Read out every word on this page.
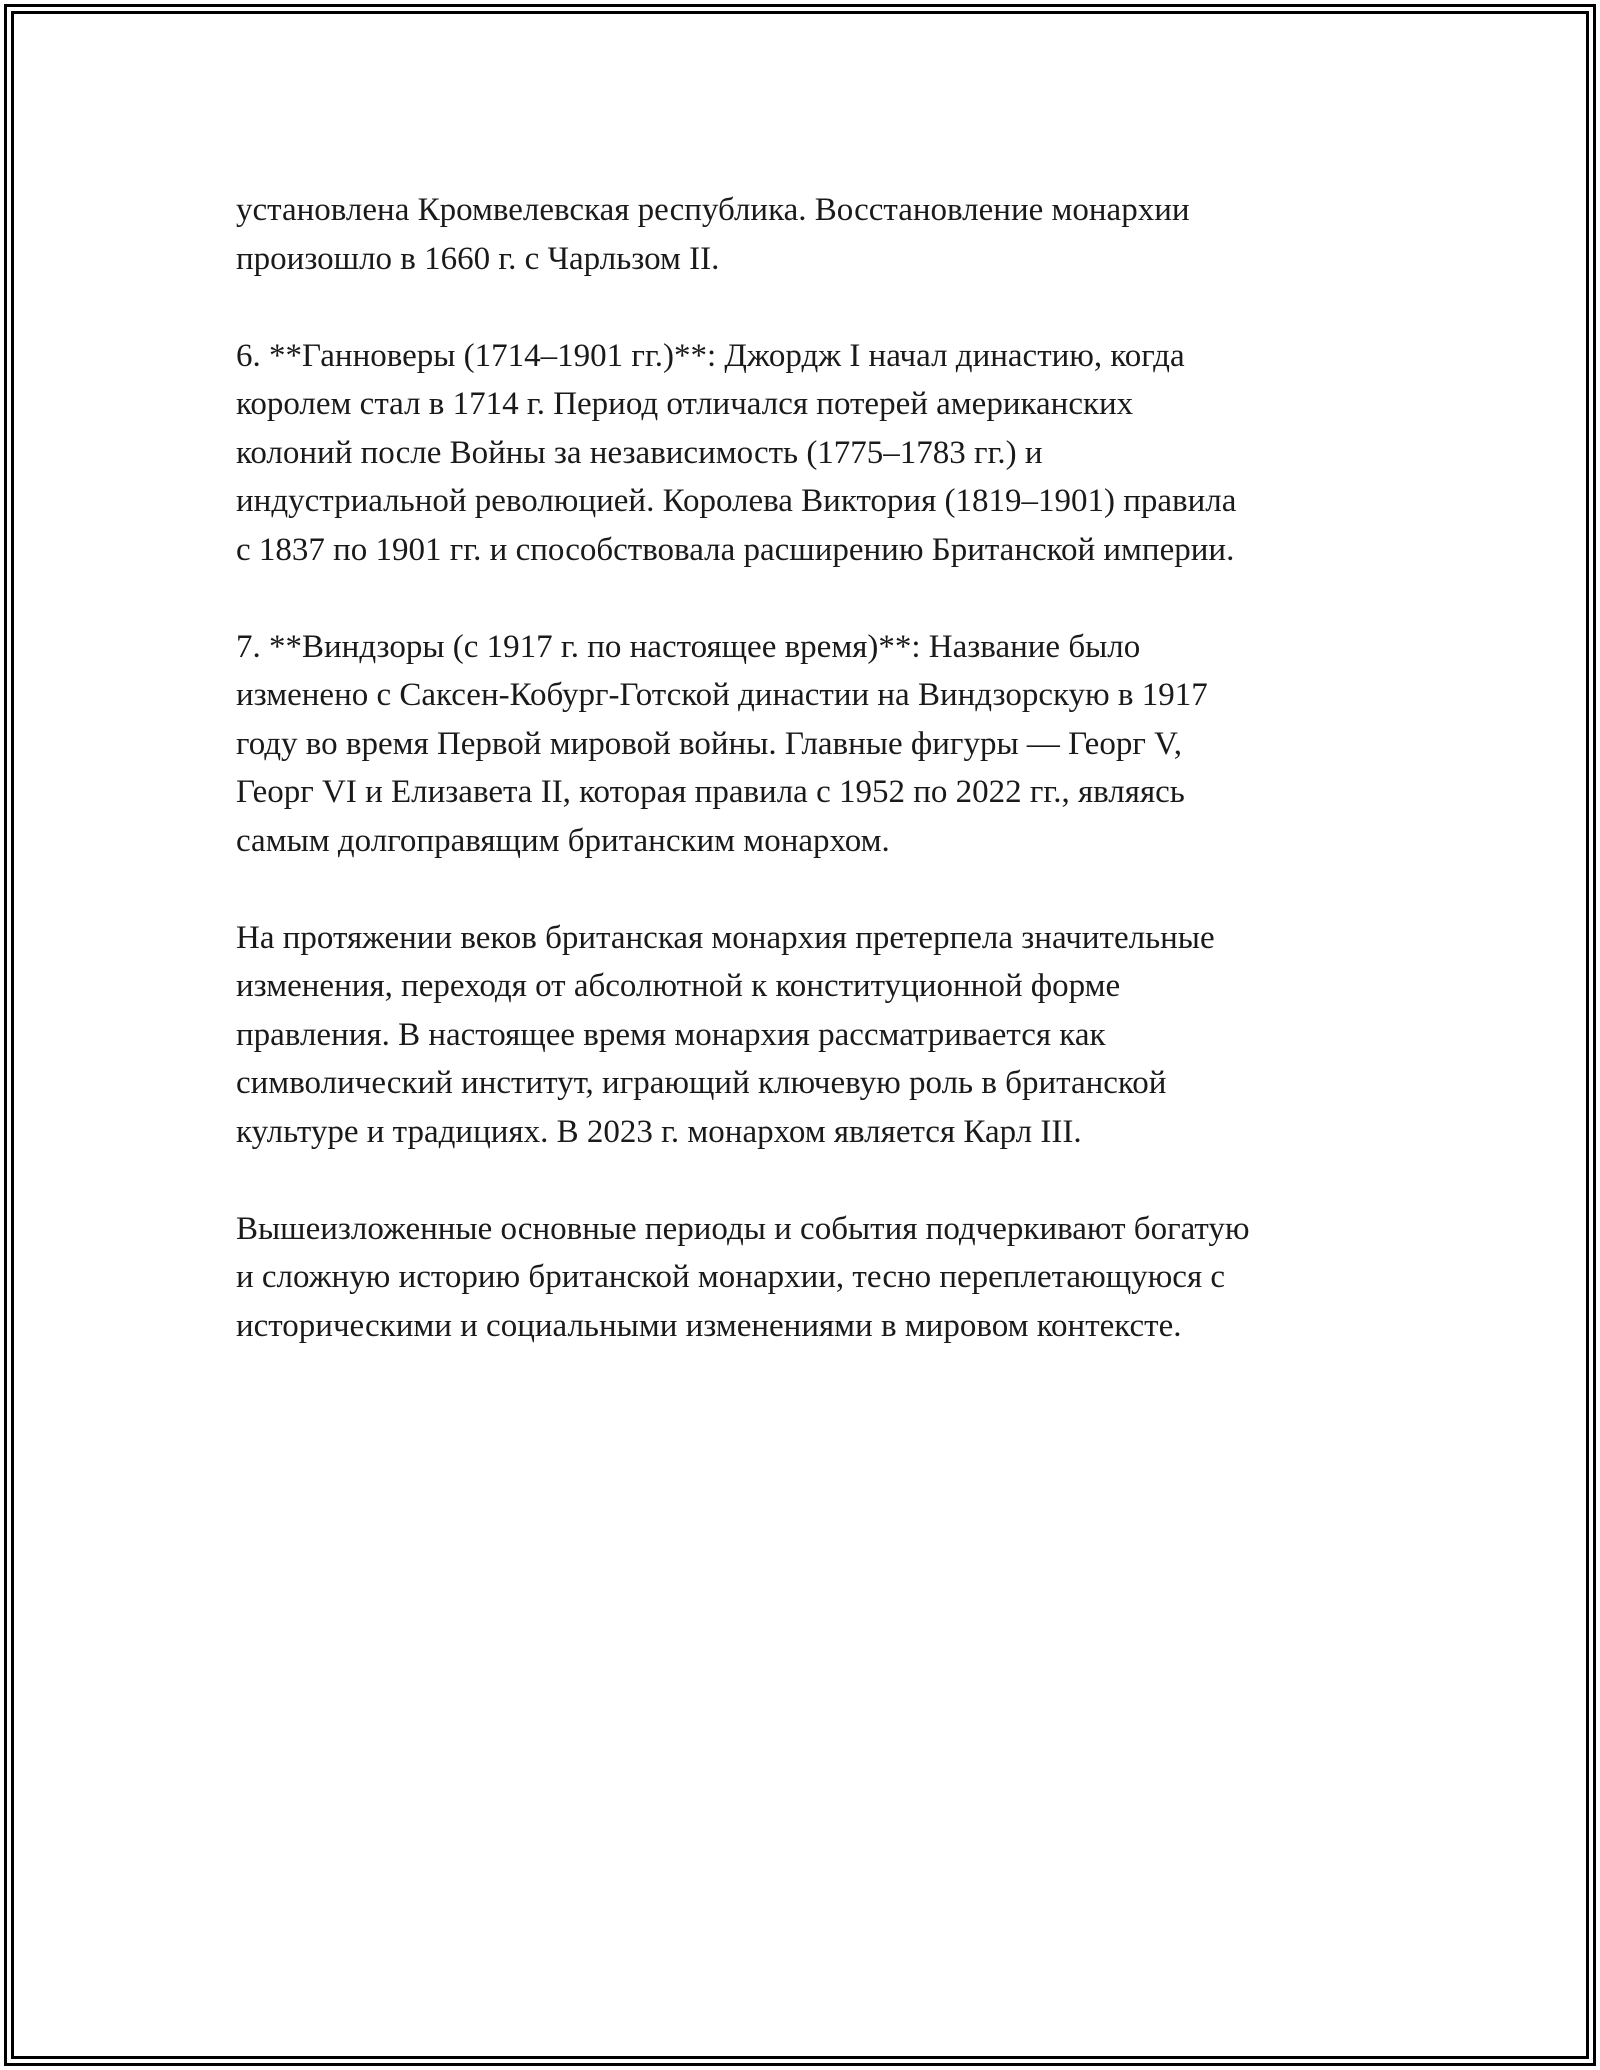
установлена Кромвелевская республика. Восстановление монархии
произошло в 1660 г. с Чарльзом II.

6. **Ганноверы (1714–1901 гг.)**: Джордж I начал династию, когда
королем стал в 1714 г. Период отличался потерей американских
колоний после Войны за независимость (1775–1783 гг.) и
индустриальной революцией. Королева Виктория (1819–1901) правила
с 1837 по 1901 гг. и способствовала расширению Британской империи.

7. **Виндзоры (с 1917 г. по настоящее время)**: Название было
изменено с Саксен-Кобург-Готской династии на Виндзорскую в 1917
году во время Первой мировой войны. Главные фигуры — Георг V,
Георг VI и Елизавета II, которая правила с 1952 по 2022 гг., являясь
самым долгоправящим британским монархом.

На протяжении веков британская монархия претерпела значительные
изменения, переходя от абсолютной к конституционной форме
правления. В настоящее время монархия рассматривается как
символический институт, играющий ключевую роль в британской
культуре и традициях. В 2023 г. монархом является Карл III.

Вышеизложенные основные периоды и события подчеркивают богатую
и сложную историю британской монархии, тесно переплетающуюся с
историческими и социальными изменениями в мировом контексте.
